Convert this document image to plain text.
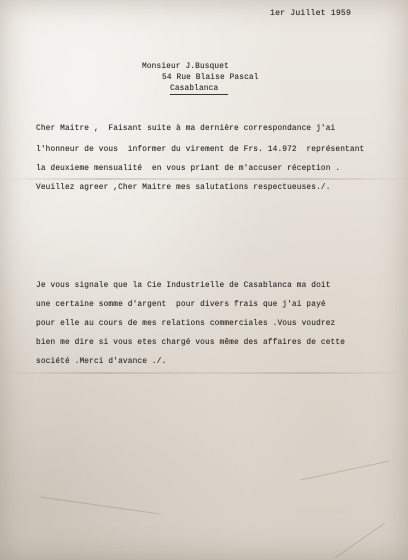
1er Juillet 1959
Monsieur J.Busquet
54 Rue Blaise Pascal
Casablanca
Cher Maitre ,  Faisant suite à ma dernière correspondance j'ai
l'honneur de vous  informer du virement de Frs. 14.972  représentant
la deuxieme mensualité  en vous priant de m'accuser réception .
Veuillez agreer ,Cher Maitre mes salutations respectueuses./.
Je vous signale que la Cie Industrielle de Casablanca ma doit
une certaine somme d'argent  pour divers frais que j'ai payé
pour elle au cours de mes relations commerciales .Vous voudrez
bien me dire si vous etes chargé vous même des affaires de cette
société .Merci d'avance ./.
